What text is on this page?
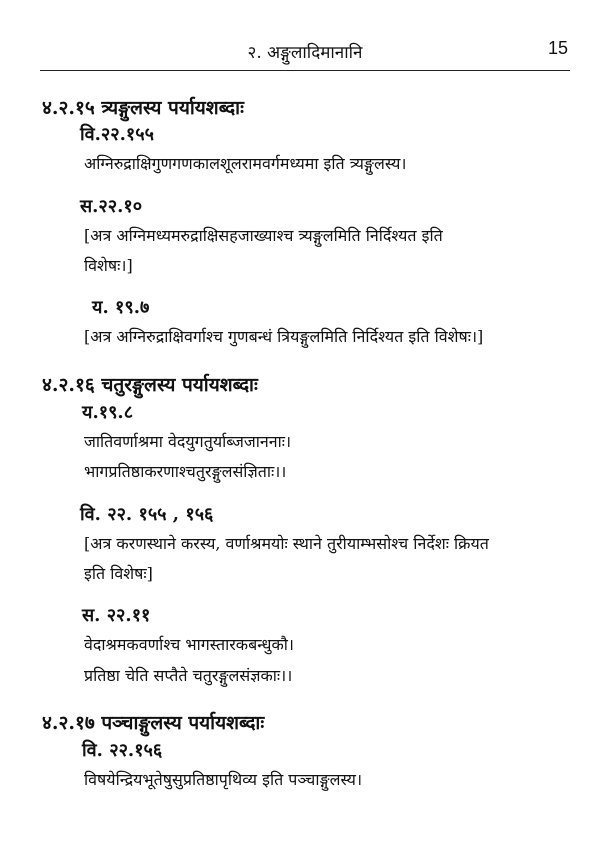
२. अङ्गुलादिमानानि	15
४.२.१५ त्र्यङ्गुलस्य पर्यायशब्दाः
वि.२२.१५५
अग्निरुद्राक्षिगुणगणकालशूलरामवर्गमध्यमा इति त्र्यङ्गुलस्य।
स.२२.१०
[अत्र अग्निमध्यमरुद्राक्षिसहजाख्याश्च त्र्यङ्गुलमिति निर्दिश्यत इति
विशेषः।]
य. १९.७
[अत्र अग्निरुद्राक्षिवर्गाश्च गुणबन्धं त्रियङ्गुलमिति निर्दिश्यत इति विशेषः।]
४.२.१६ चतुरङ्गुलस्य पर्यायशब्दाः
य.१९.८
जातिवर्णाश्रमा वेदयुगतुर्याब्जजाननाः।
भागप्रतिष्ठाकरणाश्चतुरङ्गुलसंज्ञिताः।।
वि. २२. १५५ , १५६
[अत्र करणस्थाने करस्य, वर्णाश्रमयोः स्थाने तुरीयाम्भसोश्च निर्देशः क्रियत
इति विशेषः]
स. २२.११
वेदाश्रमकवर्णाश्च भागस्तारकबन्धुकौ।
प्रतिष्ठा चेति सप्तैते चतुरङ्गुलसंज्ञकाः।।
४.२.१७ पञ्चाङ्गुलस्य पर्यायशब्दाः
वि. २२.१५६
विषयेन्द्रियभूतेषुसुप्रतिष्ठापृथिव्य इति पञ्चाङ्गुलस्य।
